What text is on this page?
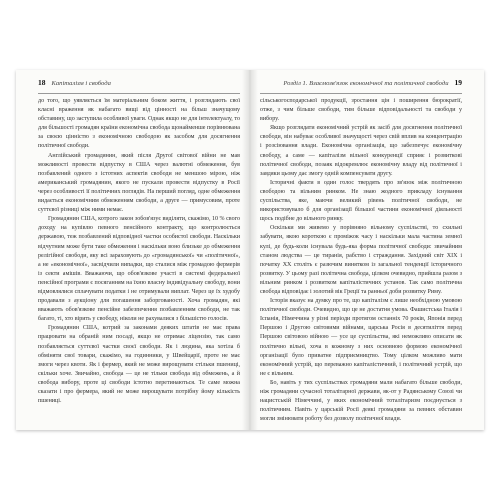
18 Капіталізм і свобода

до того, що уявляється їм матеріальним боком життя, і розглядають свої класні враження як набагато вищі від цінності на більш значущому обставину, що заступила особливої уваги. Однак якщо не для інтелектуалу, то для більшості громадян країни економічна свобода щонайменше порівнювана за своєю цінністю з економічною свободою як засобом для досягнення політичної свободи.

Англійський громадянин, який після Другої світової війни не мав можливості провести відпустку в США через валютні обмеження, був позбавлений одного з істотних аспектів свободи не меншою мірою, ніж американський громадянин, якого не пускали провести відпустку в Росії через особливості її політичних поглядів. На перший погляд, одне обмеження видається економічним обмеженням свободи, а друге — примусовим, проте суттєвої різниці між ними немає.

Громадянин США, котрого закон зобов'язує виділяти, скажімо, 10 % свого доходу на купівлю певного пенсійного контракту, що контролюється державою, теж позбавлений відповідної частки особистої свободи. Наскільки відчутним може бути таке обмеження і наскільки воно близьке до обмеження релігійної свободи, яку всі зараховують до «громадянської» чи «політичної», а не «економічної», засвідчили випадки, що сталися між громадою фермерів із секти амішів. Вважаючи, що обов'язкове участі в системі федеральної пенсійної програми є посяганням на їхню власну індивідуальну свободу, вони відмовлялися сплачувати податки і не отримували виплат. Через це їх худобу продавали з аукціону для погашення заборгованості. Хоча громадян, які вважають обов'язкове пенсійне забезпечення позбавленням свободи, не так багато, ті, хто вірить у свободу, ніколи не рахувалися з більшістю голосів.

Громадянин США, котрий за законами деяких штатів не має права працювати на обраній ним посаді, якщо не отримає ліцензію, так само позбавляється суттєвої частки своєї свободи. Як і людина, яка хотіла б обміняти свої товари, скажімо, на годинники, у Швейцарії, проте не має змоги через квоти. Як і фермер, який не може вирощувати стільки пшениці, скільки хоче. Звичайно, свобода — це не тільки свобода від обмежень, а й свобода вибору, проте ці свободи істотно перетинаються. Те саме можна сказати і про фермера, який не може вирощувати потрібну йому кількість пшениці.

Розділ 1. Взаємозв'язок економічної та політичної свободи 19

сільськогосподарської продукції, зростання цін і поширення бюрократії, отже, з чим більше свободи, тим більше відповідальності та свободи у вибору.

Якщо розглядати економічний устрій як засіб для досягнення політичної свободи, він набуває особливої значущості через свій вплив на концентрацію і розсіювання влади. Економічна організація, що забезпечує економічну свободу, а саме — капіталізм вільної конкуренції сприяє і розвиткові політичної свободи, позаяк відокремлює економічну владу від політичної і завдяки цьому дає змогу одній компенсувати другу.

Історичні факти в один голос твердять про зв'язок між політичною свободою та вільним ринком. Не знаю жодного прикладу існування суспільства, яке, маючи великий рівень політичної свободи, не використовувало б для організації більшої частини економічної діяльності щось подібне до вільного ринку.

Оскільки ми живемо у порівняно вільному суспільстві, то схильні забувати, якою короткою є проміжок часу і наскільки мала частина земної кулі, де будь-коли існувала будь-яка форма політичної свободи: звичайним станом людства — це тиранія, рабство і страждання. Західний світ XIX і початку XX століть є разючим винятком із загальної тенденції історичного розвитку. У цьому разі політична свобода, цілком очевидно, прийшла разом з вільним ринком і розвитком капіталістичних установ. Так само політична свобода відповідає і золотий вік Греції та ранньої доби розвитку Риму.

Історія вказує на думку про те, що капіталізм є лише необхідною умовою політичної свободи. Очевидно, що це не достатня умова. Фашистська Італія і Іспанія, Німеччина у різні періоди протягом останніх 70 років, Японія перед Першою і Другою світовими війнами, царська Росія в десятиліття перед Першою світовою війною — усе це суспільства, які неможливо описати як політично вільні, хоча в кожному з них основною формою економічної організації було приватне підприємництво. Тому цілком можливо мати економічний устрій, що переважно капіталістичний, і політичний устрій, що не є вільним.

Бо, навіть у тих суспільствах громадяни мали набагато більше свободи, ніж громадяни сучасної тоталітарної держави, як-от у Радянському Союзі чи нацистській Німеччині, у яких економічний тоталітаризм поєднується з політичним. Навіть у царській Росії деякі громадяни за певних обставин могли змінювати роботу без дозволу політичної влади.
